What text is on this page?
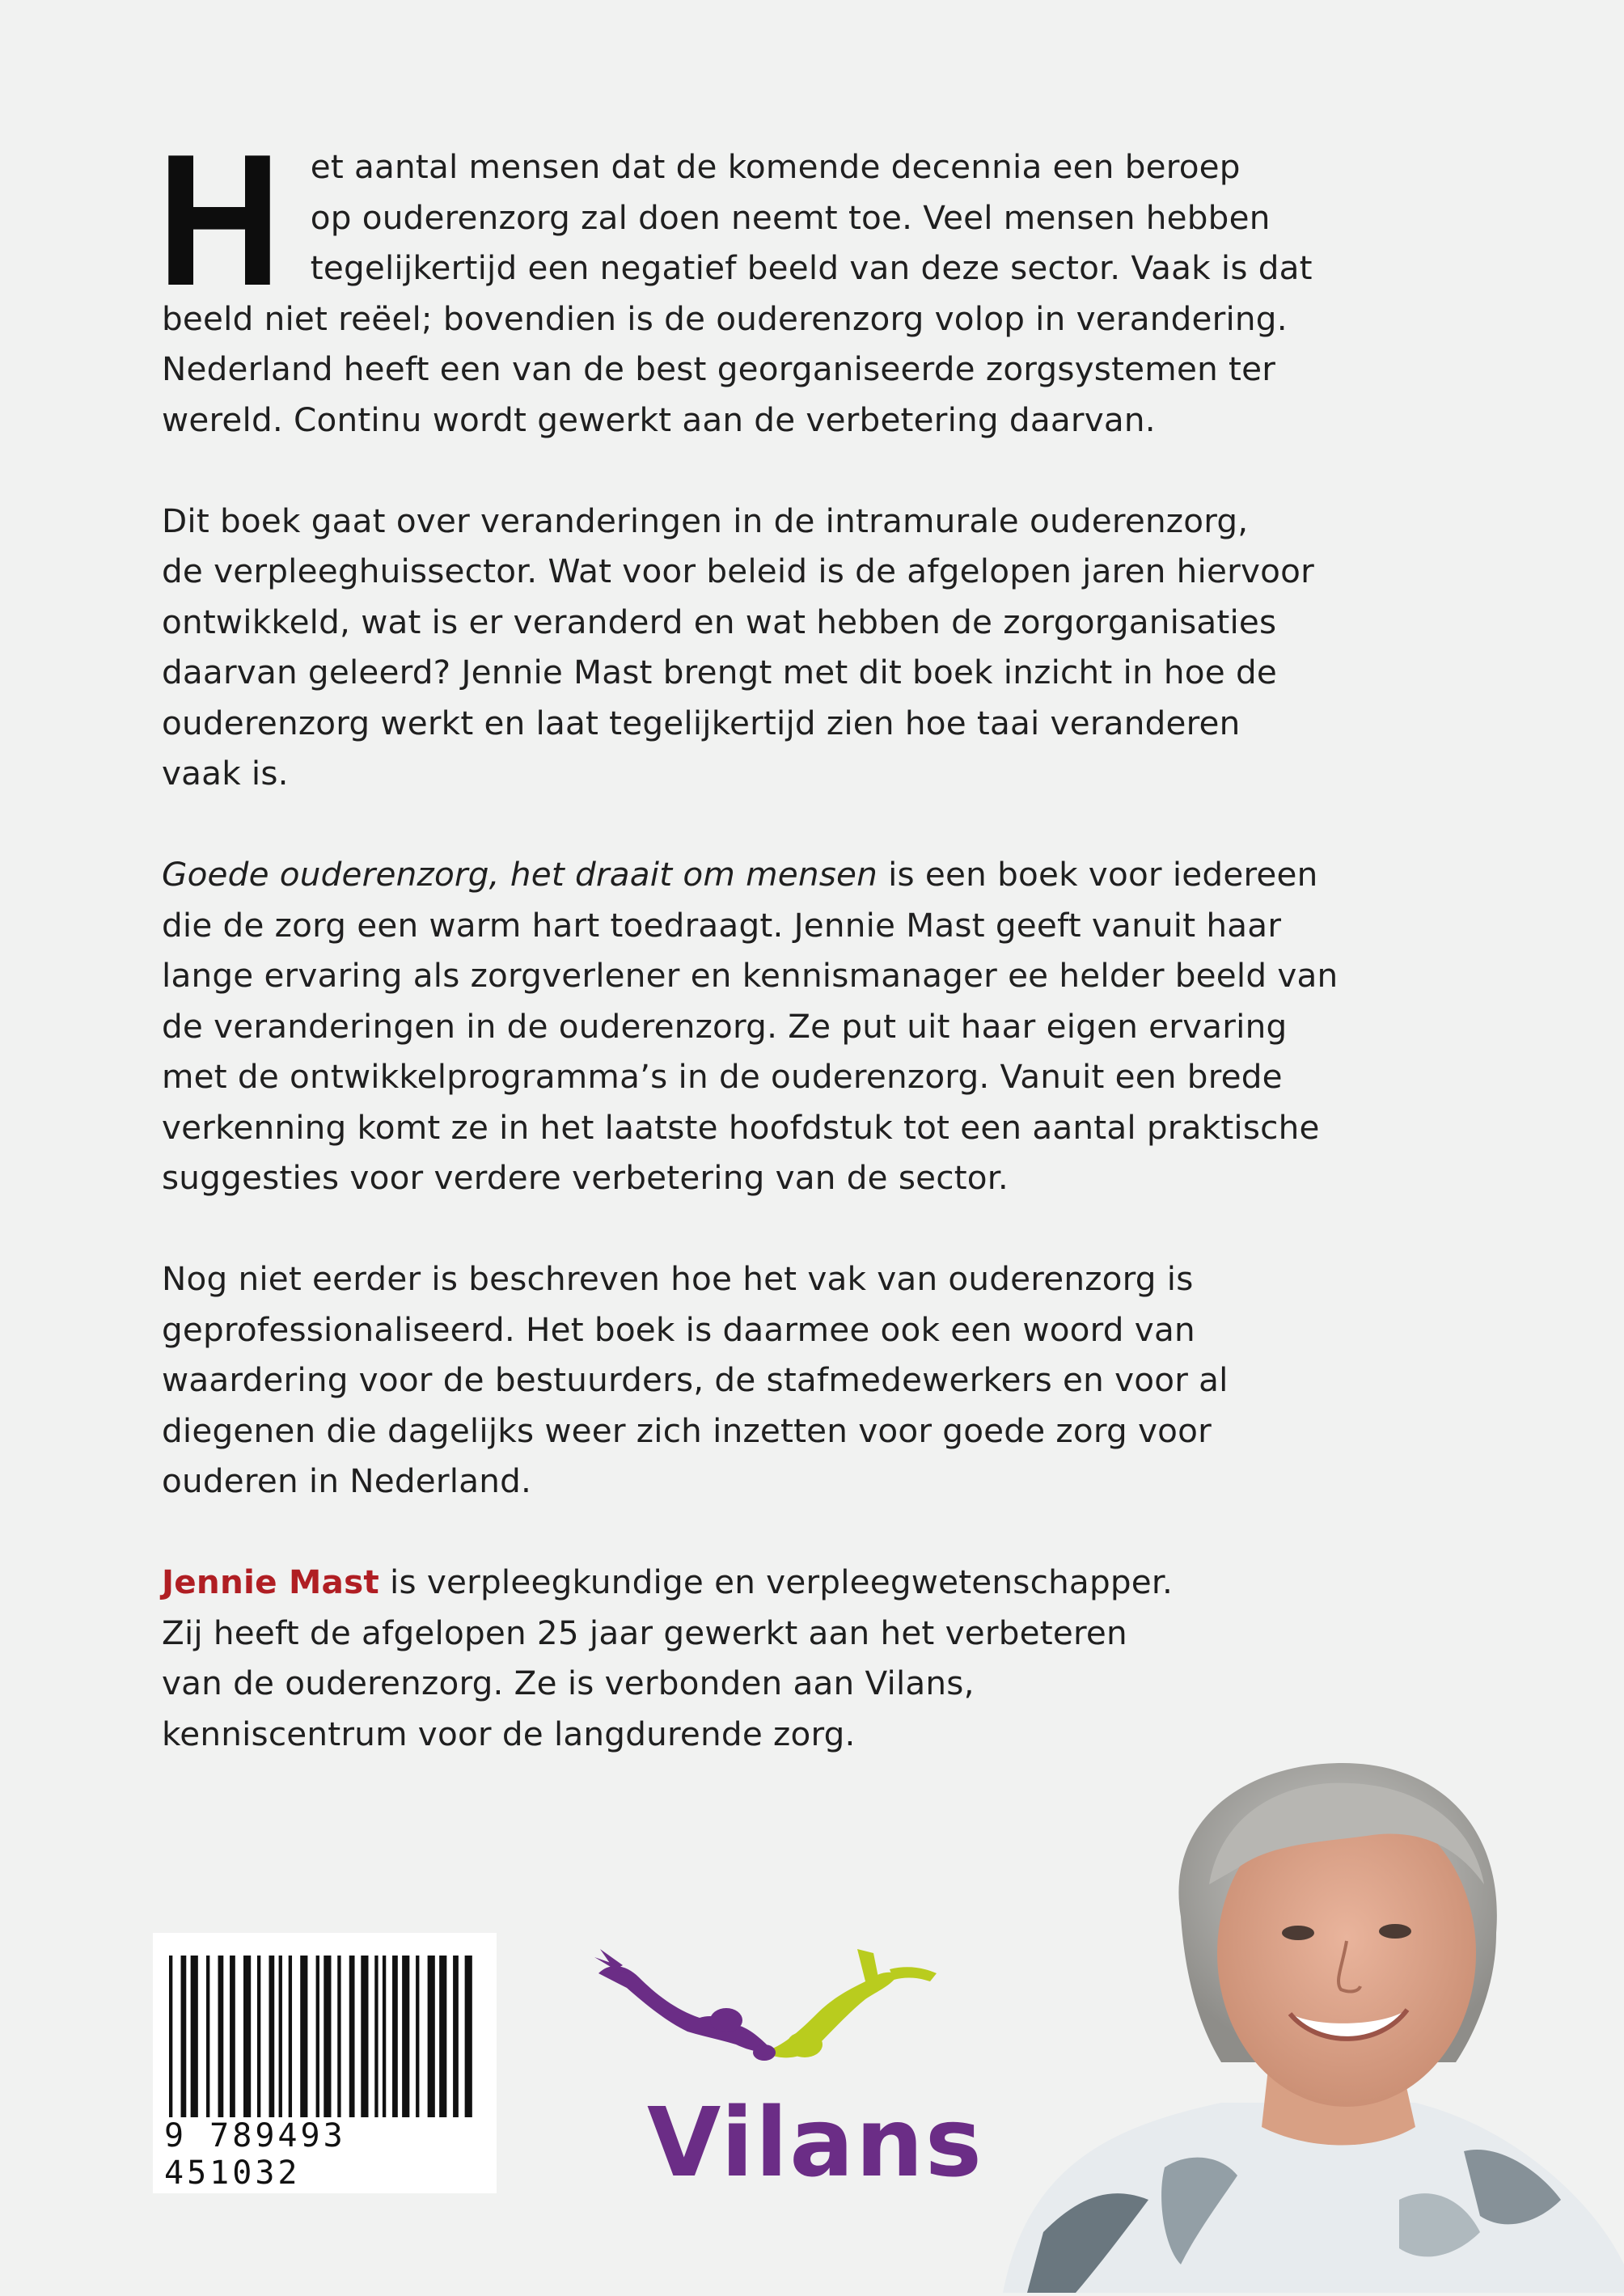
H et aantal mensen dat de komende decennia een beroep
op ouderenzorg zal doen neemt toe. Veel mensen hebben
tegelijkertijd een negatief beeld van deze sector. Vaak is dat
beeld niet reëel; bovendien is de ouderenzorg volop in verandering.
Nederland heeft een van de best georganiseerde zorgsystemen ter
wereld. Continu wordt gewerkt aan de verbetering daarvan.
Dit boek gaat over veranderingen in de intramurale ouderenzorg,
de verpleeghuissector. Wat voor beleid is de afgelopen jaren hiervoor
ontwikkeld, wat is er veranderd en wat hebben de zorgorganisaties
daarvan geleerd? Jennie Mast brengt met dit boek inzicht in hoe de
ouderenzorg werkt en laat tegelijkertijd zien hoe taai veranderen
vaak is.
Goede ouderenzorg, het draait om mensen is een boek voor iedereen
die de zorg een warm hart toedraagt. Jennie Mast geeft vanuit haar
lange ervaring als zorgverlener en kennismanager ee helder beeld van
de veranderingen in de ouderenzorg. Ze put uit haar eigen ervaring
met de ontwikkelprogramma’s in de ouderenzorg. Vanuit een brede
verkenning komt ze in het laatste hoofdstuk tot een aantal praktische
suggesties voor verdere verbetering van de sector.
Nog niet eerder is beschreven hoe het vak van ouderenzorg is
geprofessionaliseerd. Het boek is daarmee ook een woord van
waardering voor de bestuurders, de stafmedewerkers en voor al
diegenen die dagelijks weer zich inzetten voor goede zorg voor
ouderen in Nederland.
Jennie Mast is verpleegkundige en verpleegwetenschapper.
Zij heeft de afgelopen 25 jaar gewerkt aan het verbeteren
van de ouderenzorg. Ze is verbonden aan Vilans,
kenniscentrum voor de langdurende zorg.
9 789493 451032	Vilans
